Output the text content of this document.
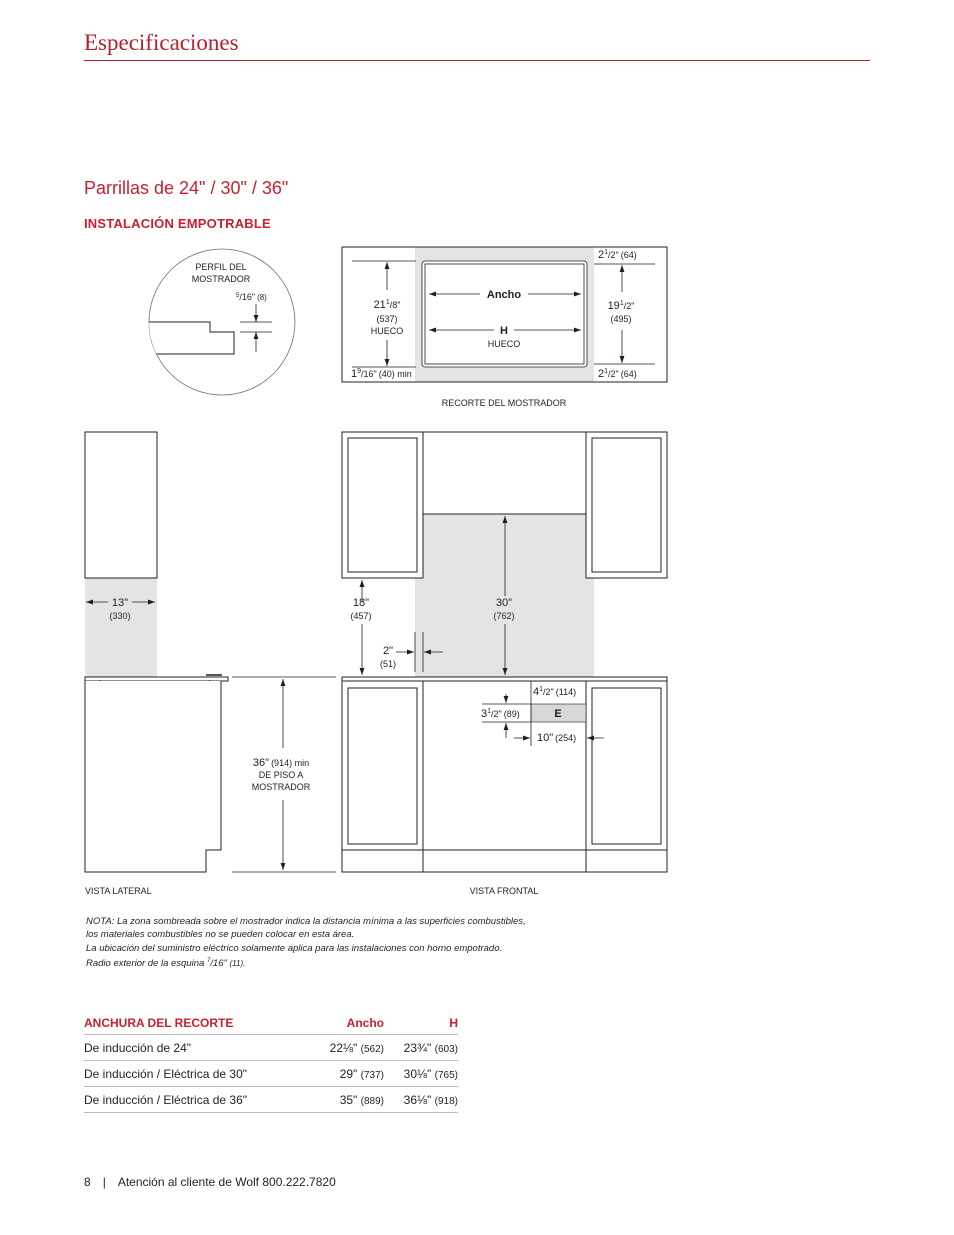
Especificaciones
Parrillas de 24" / 30" / 36"
INSTALACIÓN EMPOTRABLE
PERFIL DEL
MOSTRADOR
$^5$/16" (8)	Ancho
H
HUECO
$21^1_{/8"}$
(537)
HUECO
$19^1_{/2"}$
(495)
$2^1_{/2"}$ (64)
$2^1_{/2"}$ (64)
$1^9_{/16"}$ (40) min
RECORTE DEL MOSTRADOR
13"
(330)
36" (914) min
DE PISO A
MOSTRADOR
VISTA LATERAL
18"
(457)
30"
(762)
2"
(51)
E
$4^1_{/2"}$ (114)
$3^1_{/2"}$ (89)
10" (254)
VISTA FRONTAL
NOTA: La zona sombreada sobre el mostrador indica la distancia mínima a las superficies combustibles,
los materiales combustibles no se pueden colocar en esta área.
La ubicación del suministro eléctrico solamente aplica para las instalaciones con horno empotrado.
Radio exterior de la esquina $^7$/16" (11).
ANCHURA DEL RECORTE	Ancho	H
De inducción de 24"	22⅛" (562)	23¾" (603)
De inducción / Eléctrica de 30"	29" (737)	30⅛" (765)
De inducción / Eléctrica de 36"	35" (889)	36⅛" (918)
8 | Atención al cliente de Wolf 800.222.7820
